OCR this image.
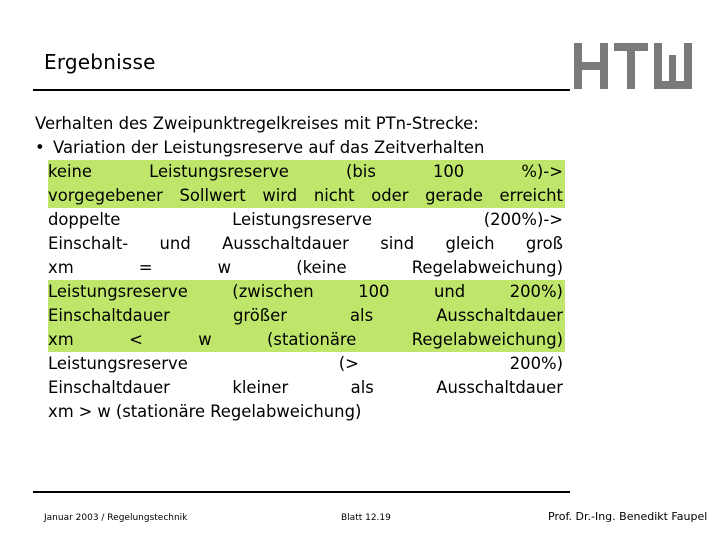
Ergebnisse
Verhalten des Zweipunktregelkreises mit PTn-Strecke:
• Variation der Leistungsreserve auf das Zeitverhalten
keine	Leistungsreserve	(bis	100	%)->
vorgegebener Sollwert wird nicht oder gerade erreicht
doppelte	Leistungsreserve	(200%)->
Einschalt- und Ausschaltdauer sind gleich groß
xm	=	w	(keine	Regelabweichung)
Leistungsreserve	(zwischen	100	und	200%)
Einschaltdauer	größer	als	Ausschaltdauer
xm	<	w	(stationäre	Regelabweichung)
Leistungsreserve	(>	200%)
Einschaltdauer	kleiner	als	Ausschaltdauer
xm > w (stationäre Regelabweichung)
Januar 2003 / Regelungstechnik	Blatt 12.19	Prof. Dr.-Ing. Benedikt Faupel
